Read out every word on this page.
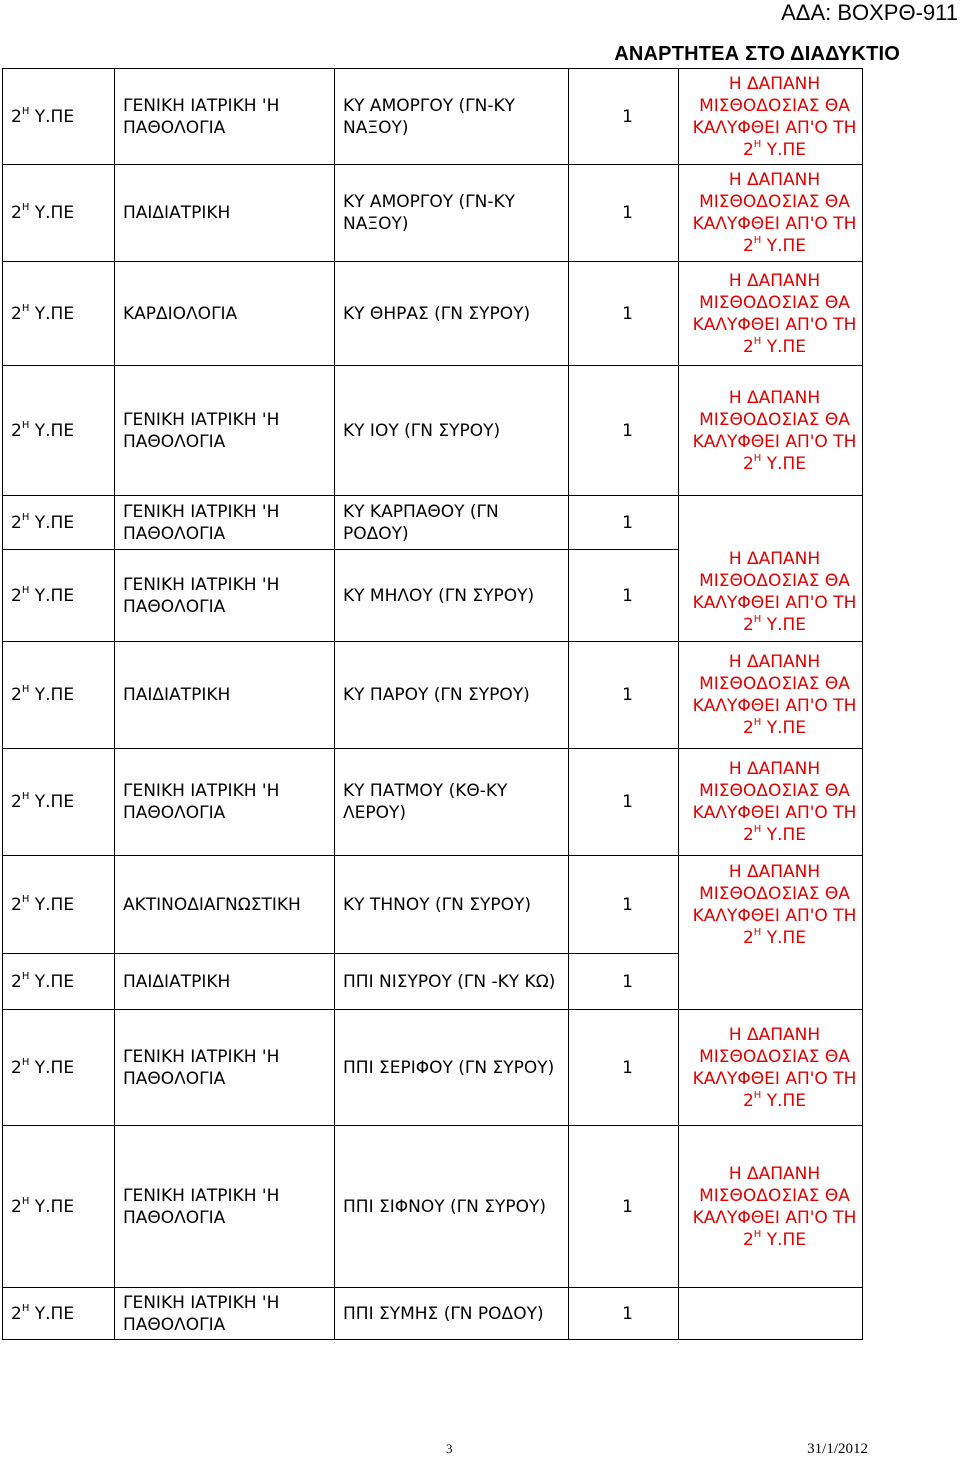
ΑΔΑ: ΒΟΧΡΘ-911
ΑΝΑΡΤΗΤΕΑ ΣΤΟ ΔΙΑΔΥΚΤΙΟ
$2^H$ Υ.ΠΕ	ΓΕΝΙΚΗ ΙΑΤΡΙΚΗ 'Η ΠΑΘΟΛΟΓΙΑ	ΚΥ ΑΜΟΡΓΟΥ (ΓΝ-ΚΥ ΝΑΞΟΥ)	1	Η ΔΑΠΑΝΗ
ΜΙΣΘΟΔΟΣΙΑΣ ΘΑ
ΚΑΛΥΦΘΕΙ ΑΠ'Ο ΤΗ
$2^H$ Υ.ΠΕ
$2^H$ Υ.ΠΕ	ΠΑΙΔΙΑΤΡΙΚΗ	ΚΥ ΑΜΟΡΓΟΥ (ΓΝ-ΚΥ ΝΑΞΟΥ)	1	Η ΔΑΠΑΝΗ
ΜΙΣΘΟΔΟΣΙΑΣ ΘΑ
ΚΑΛΥΦΘΕΙ ΑΠ'Ο ΤΗ
$2^H$ Υ.ΠΕ
$2^H$ Υ.ΠΕ	ΚΑΡΔΙΟΛΟΓΙΑ	ΚΥ ΘΗΡΑΣ (ΓΝ ΣΥΡΟΥ)	1	Η ΔΑΠΑΝΗ
ΜΙΣΘΟΔΟΣΙΑΣ ΘΑ
ΚΑΛΥΦΘΕΙ ΑΠ'Ο ΤΗ
$2^H$ Υ.ΠΕ
$2^H$ Υ.ΠΕ	ΓΕΝΙΚΗ ΙΑΤΡΙΚΗ 'Η ΠΑΘΟΛΟΓΙΑ	ΚΥ ΙΟΥ (ΓΝ ΣΥΡΟΥ)	1	Η ΔΑΠΑΝΗ
ΜΙΣΘΟΔΟΣΙΑΣ ΘΑ
ΚΑΛΥΦΘΕΙ ΑΠ'Ο ΤΗ
$2^H$ Υ.ΠΕ
$2^H$ Υ.ΠΕ	ΓΕΝΙΚΗ ΙΑΤΡΙΚΗ 'Η ΠΑΘΟΛΟΓΙΑ	ΚΥ ΚΑΡΠΑΘΟΥ (ΓΝ ΡΟΔΟΥ)	1	Η ΔΑΠΑΝΗ
ΜΙΣΘΟΔΟΣΙΑΣ ΘΑ
ΚΑΛΥΦΘΕΙ ΑΠ'Ο ΤΗ
$2^H$ Υ.ΠΕ
$2^H$ Υ.ΠΕ	ΓΕΝΙΚΗ ΙΑΤΡΙΚΗ 'Η ΠΑΘΟΛΟΓΙΑ	ΚΥ ΜΗΛΟΥ (ΓΝ ΣΥΡΟΥ)	1	
$2^H$ Υ.ΠΕ	ΠΑΙΔΙΑΤΡΙΚΗ	ΚΥ ΠΑΡΟΥ (ΓΝ ΣΥΡΟΥ)	1	Η ΔΑΠΑΝΗ
ΜΙΣΘΟΔΟΣΙΑΣ ΘΑ
ΚΑΛΥΦΘΕΙ ΑΠ'Ο ΤΗ
$2^H$ Υ.ΠΕ
$2^H$ Υ.ΠΕ	ΓΕΝΙΚΗ ΙΑΤΡΙΚΗ 'Η ΠΑΘΟΛΟΓΙΑ	ΚΥ ΠΑΤΜΟΥ (ΚΘ-ΚΥ ΛΕΡΟΥ)	1	Η ΔΑΠΑΝΗ
ΜΙΣΘΟΔΟΣΙΑΣ ΘΑ
ΚΑΛΥΦΘΕΙ ΑΠ'Ο ΤΗ
$2^H$ Υ.ΠΕ
$2^H$ Υ.ΠΕ	ΑΚΤΙΝΟΔΙΑΓΝΩΣΤΙΚΗ	ΚΥ ΤΗΝΟΥ (ΓΝ ΣΥΡΟΥ)	1	Η ΔΑΠΑΝΗ
ΜΙΣΘΟΔΟΣΙΑΣ ΘΑ
ΚΑΛΥΦΘΕΙ ΑΠ'Ο ΤΗ
$2^H$ Υ.ΠΕ
$2^H$ Υ.ΠΕ	ΠΑΙΔΙΑΤΡΙΚΗ	ΠΠΙ ΝΙΣΥΡΟΥ (ΓΝ -ΚΥ ΚΩ)	1	
$2^H$ Υ.ΠΕ	ΓΕΝΙΚΗ ΙΑΤΡΙΚΗ 'Η ΠΑΘΟΛΟΓΙΑ	ΠΠΙ ΣΕΡΙΦΟΥ (ΓΝ ΣΥΡΟΥ)	1	Η ΔΑΠΑΝΗ
ΜΙΣΘΟΔΟΣΙΑΣ ΘΑ
ΚΑΛΥΦΘΕΙ ΑΠ'Ο ΤΗ
$2^H$ Υ.ΠΕ
$2^H$ Υ.ΠΕ	ΓΕΝΙΚΗ ΙΑΤΡΙΚΗ 'Η ΠΑΘΟΛΟΓΙΑ	ΠΠΙ ΣΙΦΝΟΥ (ΓΝ ΣΥΡΟΥ)	1	Η ΔΑΠΑΝΗ
ΜΙΣΘΟΔΟΣΙΑΣ ΘΑ
ΚΑΛΥΦΘΕΙ ΑΠ'Ο ΤΗ
$2^H$ Υ.ΠΕ
$2^H$ Υ.ΠΕ	ΓΕΝΙΚΗ ΙΑΤΡΙΚΗ 'Η ΠΑΘΟΛΟΓΙΑ	ΠΠΙ ΣΥΜΗΣ (ΓΝ ΡΟΔΟΥ)	1	
3	31/1/2012
